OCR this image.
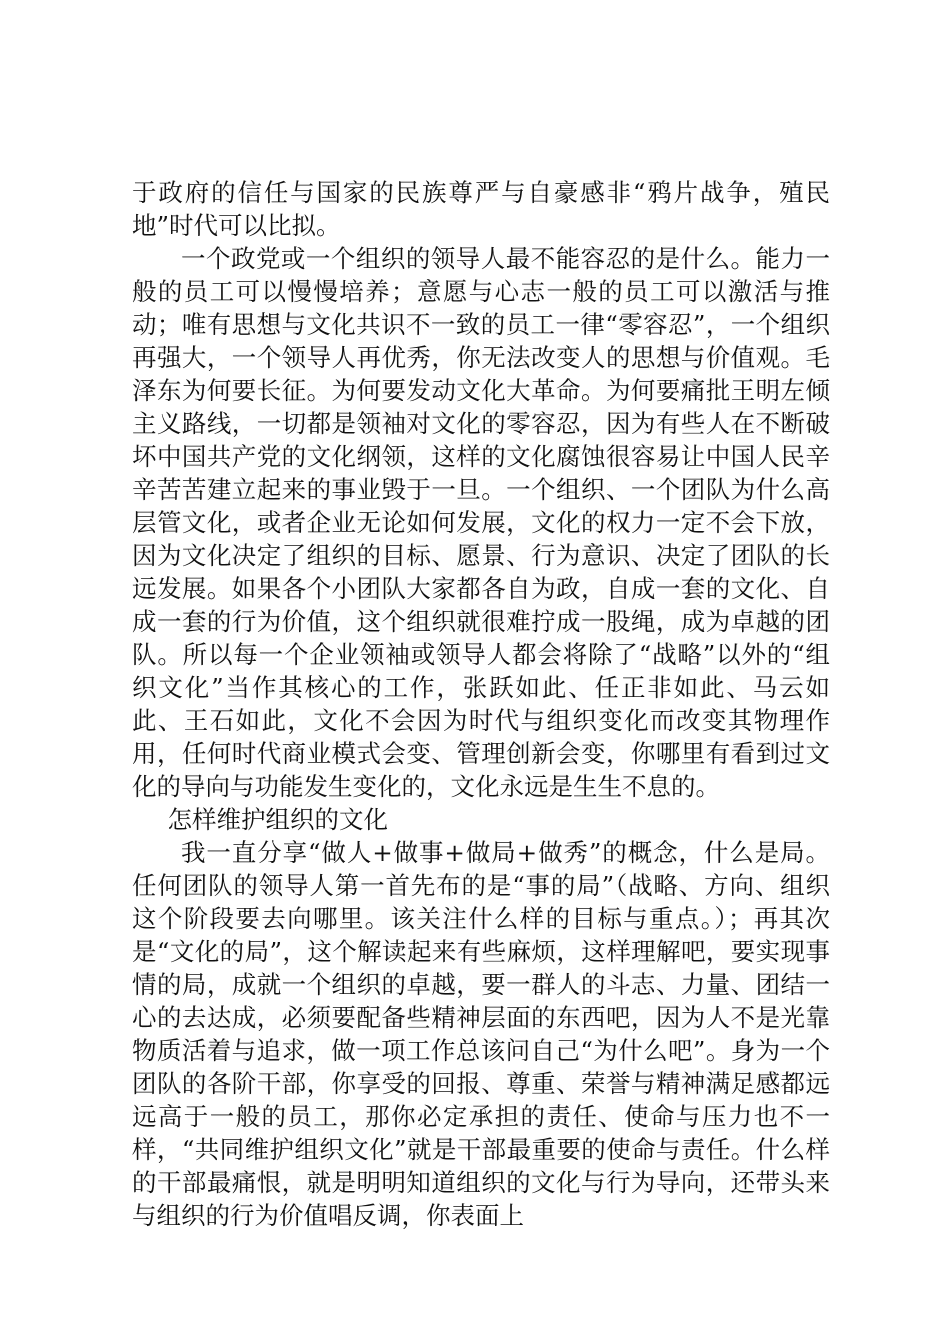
于政府的信任与国家的民族尊严与自豪感非“鸦片战争，殖民地”时代可以比拟。

一个政党或一个组织的领导人最不能容忍的是什么。能力一般的员工可以慢慢培养；意愿与心志一般的员工可以激活与推动；唯有思想与文化共识不一致的员工一律“零容忍”，一个组织再强大，一个领导人再优秀，你无法改变人的思想与价值观。毛泽东为何要长征。为何要发动文化大革命。为何要痛批王明左倾主义路线，一切都是领袖对文化的零容忍，因为有些人在不断破坏中国共产党的文化纲领，这样的文化腐蚀很容易让中国人民辛辛苦苦建立起来的事业毁于一旦。一个组织、一个团队为什么高层管文化，或者企业无论如何发展，文化的权力一定不会下放，因为文化决定了组织的目标、愿景、行为意识、决定了团队的长远发展。如果各个小团队大家都各自为政，自成一套的文化、自成一套的行为价值，这个组织就很难拧成一股绳，成为卓越的团队。所以每一个企业领袖或领导人都会将除了“战略”以外的“组织文化”当作其核心的工作，张跃如此、任正非如此、马云如此、王石如此，文化不会因为时代与组织变化而改变其物理作用，任何时代商业模式会变、管理创新会变，你哪里有看到过文化的导向与功能发生变化的，文化永远是生生不息的。

怎样维护组织的文化

我一直分享“做人+做事+做局+做秀”的概念，什么是局。任何团队的领导人第一首先布的是“事的局”（战略、方向、组织这个阶段要去向哪里。该关注什么样的目标与重点。）；再其次是“文化的局”，这个解读起来有些麻烦，这样理解吧，要实现事情的局，成就一个组织的卓越，要一群人的斗志、力量、团结一心的去达成，必须要配备些精神层面的东西吧，因为人不是光靠物质活着与追求，做一项工作总该问自己“为什么吧”。身为一个团队的各阶干部，你享受的回报、尊重、荣誉与精神满足感都远远高于一般的员工，那你必定承担的责任、使命与压力也不一样，“共同维护组织文化”就是干部最重要的使命与责任。什么样的干部最痛恨，就是明明知道组织的文化与行为导向，还带头来与组织的行为价值唱反调，你表面上
